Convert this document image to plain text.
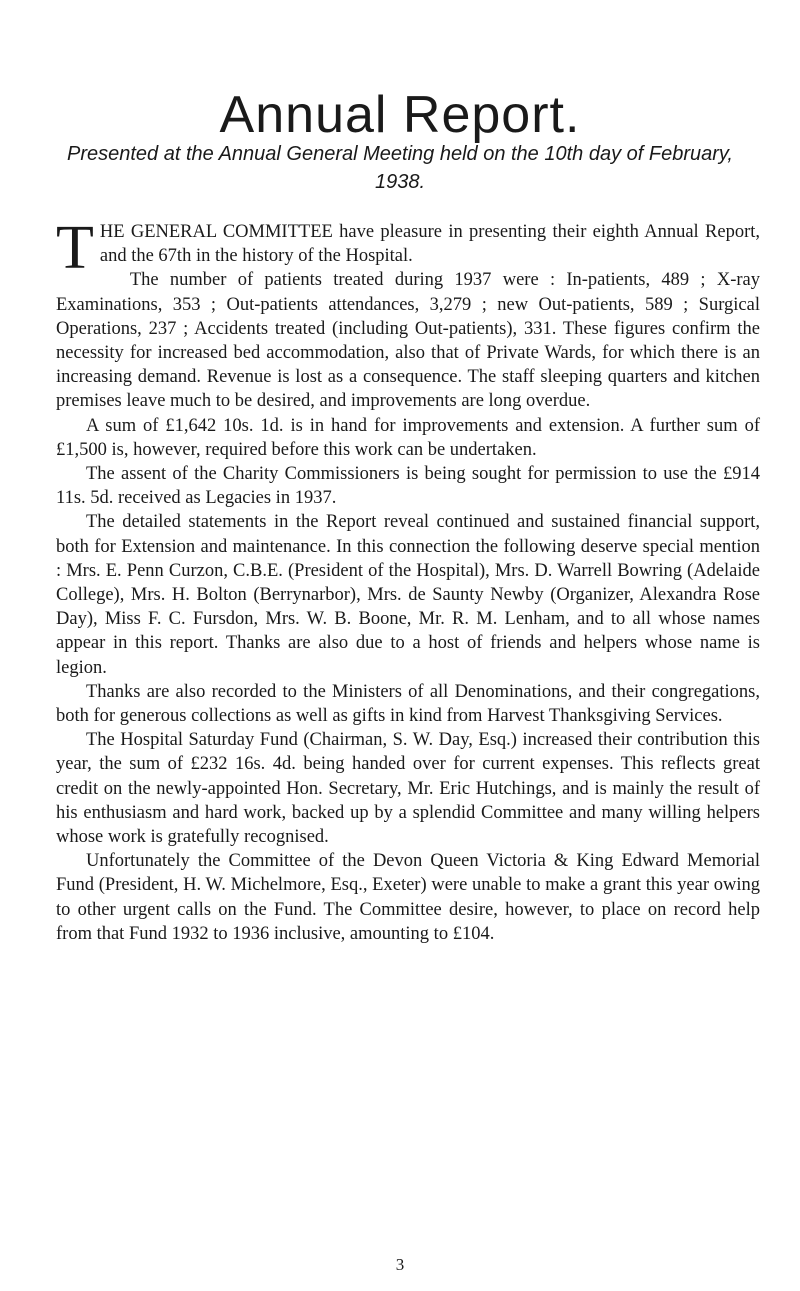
Annual Report.
Presented at the Annual General Meeting held on the 10th day of February, 1938.

THE GENERAL COMMITTEE have pleasure in presenting their eighth Annual Report, and the 67th in the history of the Hospital.

The number of patients treated during 1937 were : In-patients, 489 ; X-ray Examinations, 353 ; Out-patients attendances, 3,279 ; new Out-patients, 589 ; Surgical Operations, 237 ; Accidents treated (including Out-patients), 331. These figures confirm the necessity for increased bed accommodation, also that of Private Wards, for which there is an increasing demand. Revenue is lost as a consequence. The staff sleeping quarters and kitchen premises leave much to be desired, and improvements are long overdue.

A sum of £1,642 10s. 1d. is in hand for improvements and extension. A further sum of £1,500 is, however, required before this work can be undertaken.

The assent of the Charity Commissioners is being sought for permission to use the £914 11s. 5d. received as Legacies in 1937.

The detailed statements in the Report reveal continued and sustained financial support, both for Extension and maintenance. In this connection the following deserve special mention : Mrs. E. Penn Curzon, C.B.E. (President of the Hospital), Mrs. D. Warrell Bowring (Adelaide College), Mrs. H. Bolton (Berrynarbor), Mrs. de Saunty Newby (Organizer, Alexandra Rose Day), Miss F. C. Fursdon, Mrs. W. B. Boone, Mr. R. M. Lenham, and to all whose names appear in this report. Thanks are also due to a host of friends and helpers whose name is legion.

Thanks are also recorded to the Ministers of all Denominations, and their congregations, both for generous collections as well as gifts in kind from Harvest Thanksgiving Services.

The Hospital Saturday Fund (Chairman, S. W. Day, Esq.) increased their contribution this year, the sum of £232 16s. 4d. being handed over for current expenses. This reflects great credit on the newly-appointed Hon. Secretary, Mr. Eric Hutchings, and is mainly the result of his enthusiasm and hard work, backed up by a splendid Committee and many willing helpers whose work is gratefully recognised.

Unfortunately the Committee of the Devon Queen Victoria & King Edward Memorial Fund (President, H. W. Michelmore, Esq., Exeter) were unable to make a grant this year owing to other urgent calls on the Fund. The Committee desire, however, to place on record help from that Fund 1932 to 1936 inclusive, amounting to £104.

3
